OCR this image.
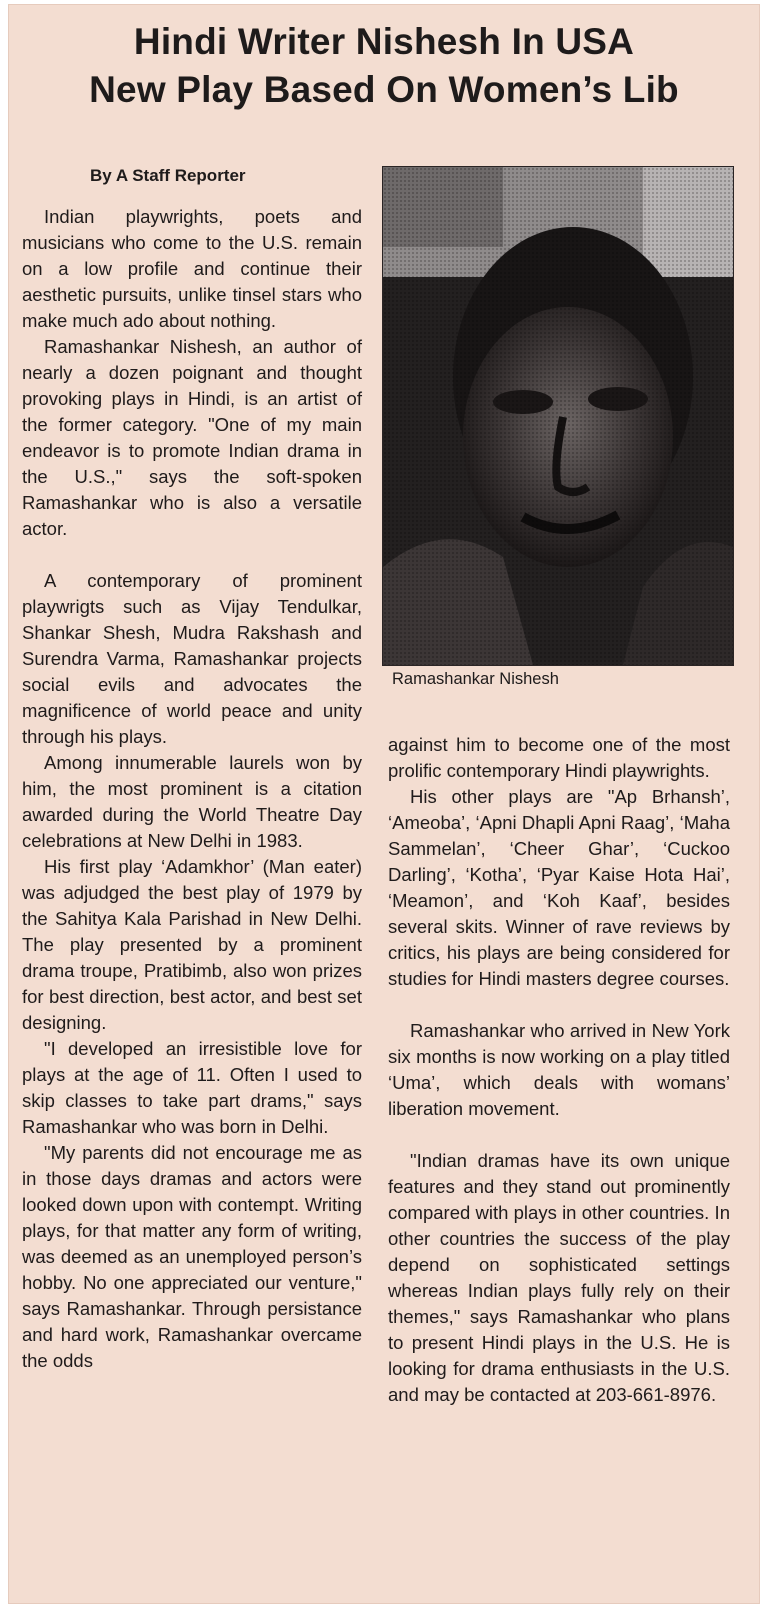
Hindi Writer Nishesh In USA
New Play Based On Women’s Lib
By A Staff Reporter

Indian playwrights, poets and musicians who come to the U.S. remain on a low profile and continue their aesthetic pursuits, unlike tinsel stars who make much ado about nothing.

Ramashankar Nishesh, an author of nearly a dozen poignant and thought provoking plays in Hindi, is an artist of the former category. "One of my main endeavor is to promote Indian drama in the U.S.," says the soft-spoken Ramashankar who is also a versatile actor.

A contemporary of prominent playwrigts such as Vijay Tendulkar, Shankar Shesh, Mudra Rakshash and Surendra Varma, Ramashankar projects social evils and advocates the magnificence of world peace and unity through his plays.

Among innumerable laurels won by him, the most prominent is a citation awarded during the World Theatre Day celebrations at New Delhi in 1983.

His first play ‘Adamkhor’ (Man eater) was adjudged the best play of 1979 by the Sahitya Kala Parishad in New Delhi. The play presented by a prominent drama troupe, Pratibimb, also won prizes for best direction, best actor, and best set designing.

"I developed an irresistible love for plays at the age of 11. Often I used to skip classes to take part drams," says Ramashankar who was born in Delhi.

"My parents did not encourage me as in those days dramas and actors were looked down upon with contempt. Writing plays, for that matter any form of writing, was deemed as an unemployed person’s hobby. No one appreciated our venture," says Ramashankar. Through persistance and hard work, Ramashankar overcame the odds

Ramashankar Nishesh

against him to become one of the most prolific contemporary Hindi playwrights.

His other plays are "Ap Brhansh’, ‘Ameoba’, ‘Apni Dhapli Apni Raag’, ‘Maha Sammelan’, ‘Cheer Ghar’, ‘Cuckoo Darling’, ‘Kotha’, ‘Pyar Kaise Hota Hai’, ‘Meamon’, and ‘Koh Kaaf’, besides several skits. Winner of rave reviews by critics, his plays are being considered for studies for Hindi masters degree courses.

Ramashankar who arrived in New York six months is now working on a play titled ‘Uma’, which deals with womans’ liberation movement.

"Indian dramas have its own unique features and they stand out prominently compared with plays in other countries. In other countries the success of the play depend on sophisticated settings whereas Indian plays fully rely on their themes," says Ramashankar who plans to present Hindi plays in the U.S. He is looking for drama enthusiasts in the U.S. and may be contacted at 203-661-8976.
